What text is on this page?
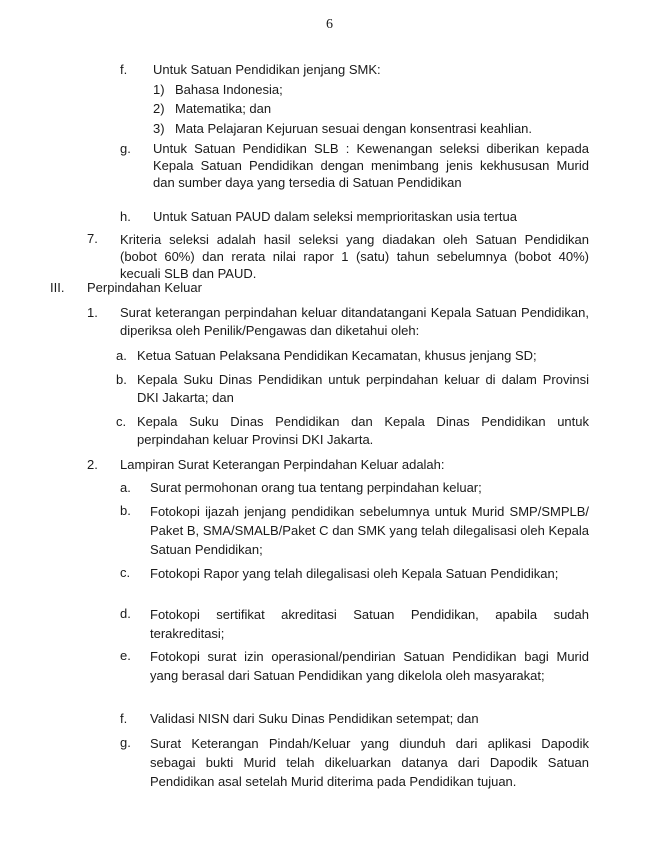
6
f. Untuk Satuan Pendidikan jenjang SMK:
1) Bahasa Indonesia;
2) Matematika; dan
3) Mata Pelajaran Kejuruan sesuai dengan konsentrasi keahlian.
g. Untuk Satuan Pendidikan SLB : Kewenangan seleksi diberikan kepada Kepala Satuan Pendidikan dengan menimbang jenis kekhususan Murid dan sumber daya yang tersedia di Satuan Pendidikan
h. Untuk Satuan PAUD dalam seleksi memprioritaskan usia tertua
7. Kriteria seleksi adalah hasil seleksi yang diadakan oleh Satuan Pendidikan (bobot 60%) dan rerata nilai rapor 1 (satu) tahun sebelumnya (bobot 40%) kecuali SLB dan PAUD.
III. Perpindahan Keluar
1. Surat keterangan perpindahan keluar ditandatangani Kepala Satuan Pendidikan, diperiksa oleh Penilik/Pengawas dan diketahui oleh:
a. Ketua Satuan Pelaksana Pendidikan Kecamatan, khusus jenjang SD;
b. Kepala Suku Dinas Pendidikan untuk perpindahan keluar di dalam Provinsi DKI Jakarta; dan
c. Kepala Suku Dinas Pendidikan dan Kepala Dinas Pendidikan untuk perpindahan keluar Provinsi DKI Jakarta.
2. Lampiran Surat Keterangan Perpindahan Keluar adalah:
a. Surat permohonan orang tua tentang perpindahan keluar;
b. Fotokopi ijazah jenjang pendidikan sebelumnya untuk Murid SMP/SMPLB/ Paket B, SMA/SMALB/Paket C dan SMK yang telah dilegalisasi oleh Kepala Satuan Pendidikan;
c. Fotokopi Rapor yang telah dilegalisasi oleh Kepala Satuan Pendidikan;
d. Fotokopi sertifikat akreditasi Satuan Pendidikan, apabila sudah terakreditasi;
e. Fotokopi surat izin operasional/pendirian Satuan Pendidikan bagi Murid yang berasal dari Satuan Pendidikan yang dikelola oleh masyarakat;
f. Validasi NISN dari Suku Dinas Pendidikan setempat; dan
g. Surat Keterangan Pindah/Keluar yang diunduh dari aplikasi Dapodik sebagai bukti Murid telah dikeluarkan datanya dari Dapodik Satuan Pendidikan asal setelah Murid diterima pada Pendidikan tujuan.
